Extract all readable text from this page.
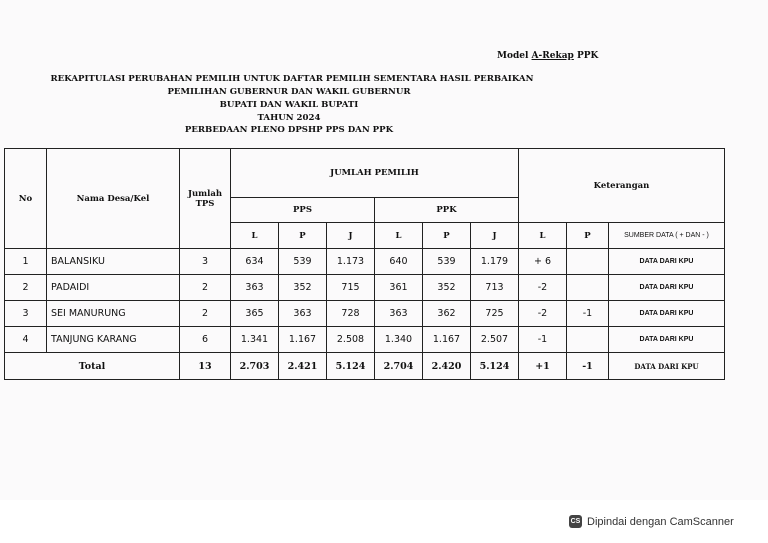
Model A-Rekap PPK
REKAPITULASI PERUBAHAN PEMILIH UNTUK DAFTAR PEMILIH SEMENTARA HASIL PERBAIKAN
PEMILIHAN GUBERNUR DAN WAKIL GUBERNUR
BUPATI DAN WAKIL BUPATI
TAHUN 2024
PERBEDAAN PLENO DPSHP PPS DAN PPK
No	Nama Desa/Kel	Jumlah TPS	JUMLAH PEMILIH						Keterangan		
			PPS			PPK					
			L	P	J	L	P	J	L	P	SUMBER DATA ( + DAN - )
1	BALANSIKU	3	634	539	1.173	640	539	1.179	+ 6		DATA DARI KPU
2	PADAIDI	2	363	352	715	361	352	713	-2		DATA DARI KPU
3	SEI MANURUNG	2	365	363	728	363	362	725	-2	-1	DATA DARI KPU
4	TANJUNG KARANG	6	1.341	1.167	2.508	1.340	1.167	2.507	-1		DATA DARI KPU
Total		13	2.703	2.421	5.124	2.704	2.420	5.124	+1	-1	DATA DARI KPU
CS Dipindai dengan CamScanner
